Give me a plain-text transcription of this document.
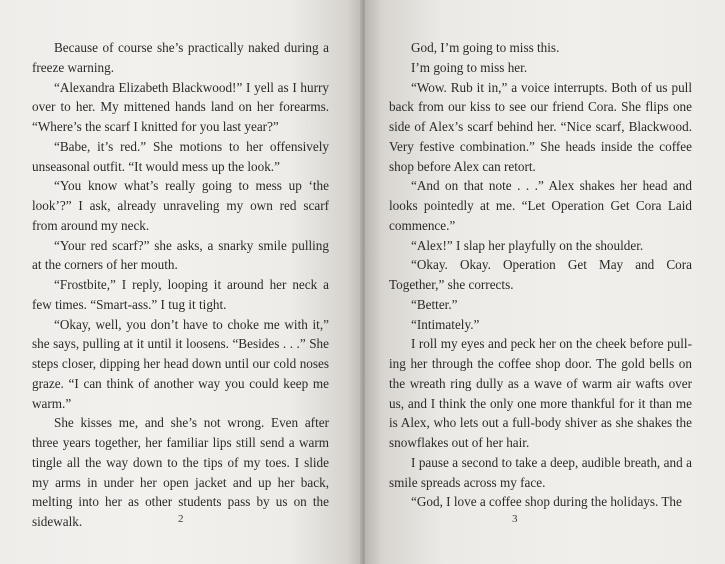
Because of course she’s practically naked during a freeze warning.

“Alexandra Elizabeth Blackwood!” I yell as I hurry over to her. My mittened hands land on her forearms. “Where’s the scarf I knitted for you last year?”

“Babe, it’s red.” She motions to her offensively unseasonal outfit. “It would mess up the look.”

“You know what’s really going to mess up ‘the look’?” I ask, already unraveling my own red scarf from around my neck.

“Your red scarf?” she asks, a snarky smile pulling at the corners of her mouth.

“Frostbite,” I reply, looping it around her neck a few times. “Smart-ass.” I tug it tight.

“Okay, well, you don’t have to choke me with it,” she says, pulling at it until it loosens. “Besides . . .” She steps closer, dipping her head down until our cold noses graze. “I can think of another way you could keep me warm.”

She kisses me, and she’s not wrong. Even after three years together, her familiar lips still send a warm tingle all the way down to the tips of my toes. I slide my arms in under her open jacket and up her back, melting into her as other students pass by us on the sidewalk.	2

God, I’m going to miss this.

I’m going to miss her.

“Wow. Rub it in,” a voice interrupts. Both of us pull back from our kiss to see our friend Cora. She flips one side of Alex’s scarf behind her. “Nice scarf, Blackwood. Very festive combination.” She heads inside the coffee shop before Alex can retort.

“And on that note . . .” Alex shakes her head and looks pointedly at me. “Let Operation Get Cora Laid commence.”

“Alex!” I slap her playfully on the shoulder.

“Okay. Okay. Operation Get May and Cora Together,” she corrects.

“Better.”

“Intimately.”

I roll my eyes and peck her on the cheek before pulling her through the coffee shop door. The gold bells on the wreath ring dully as a wave of warm air wafts over us, and I think the only one more thankful for it than me is Alex, who lets out a full-body shiver as she shakes the snowflakes out of her hair.

I pause a second to take a deep, audible breath, and a smile spreads across my face.

“God, I love a coffee shop during the holidays. The

3
